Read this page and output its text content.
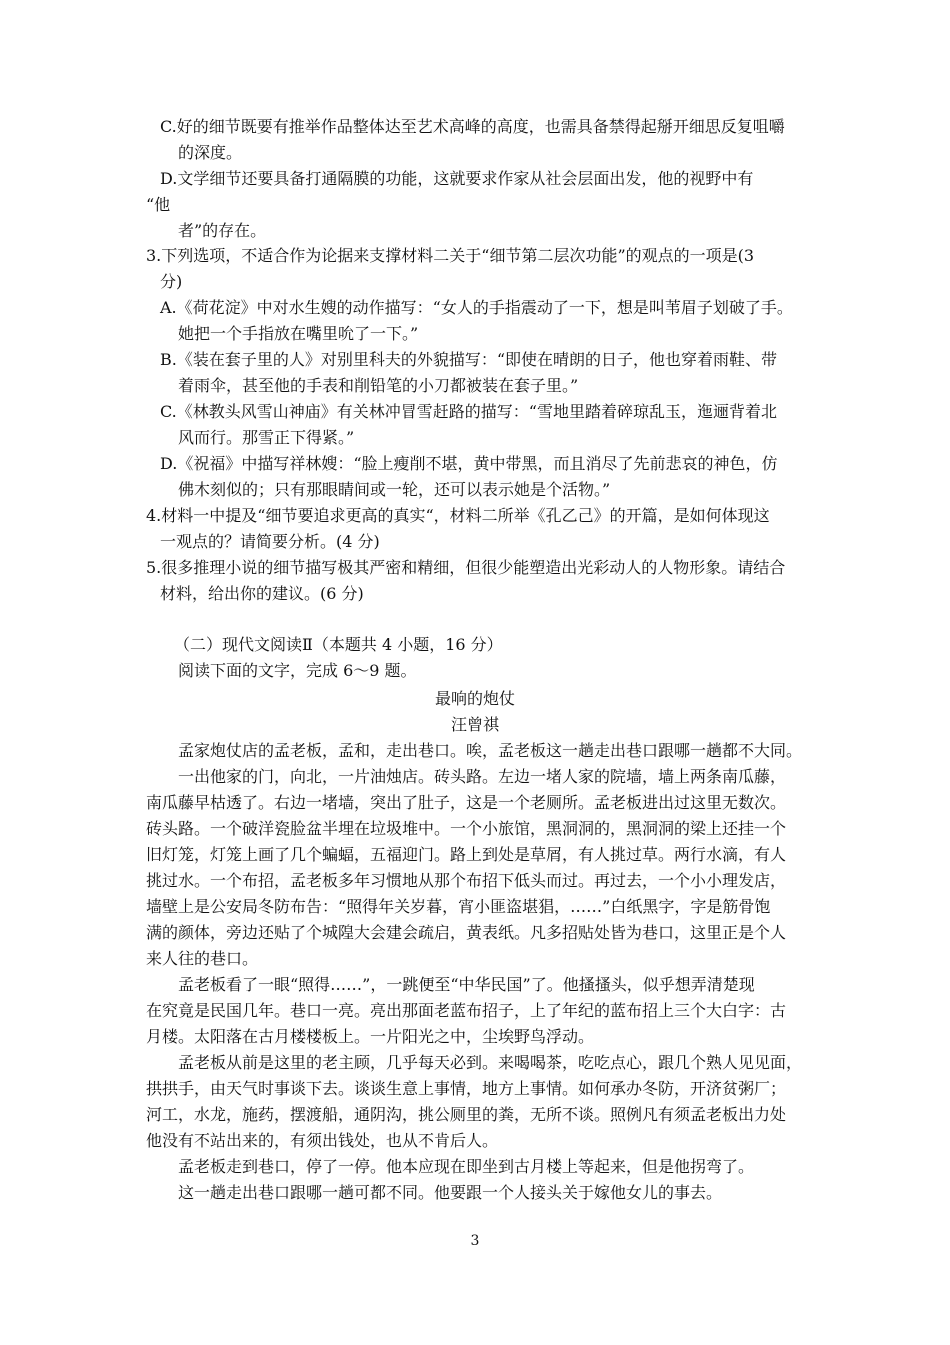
C.好的细节既要有推举作品整体达至艺术高峰的高度，也需具备禁得起掰开细思反复咀嚼
的深度。
D.文学细节还要具备打通隔膜的功能，这就要求作家从社会层面出发，他的视野中有
“他
者”的存在。
3.下列选项，不适合作为论据来支撑材料二关于“细节第二层次功能”的观点的一项是(3
分)
A.《荷花淀》中对水生嫂的动作描写：“女人的手指震动了一下，想是叫苇眉子划破了手。
她把一个手指放在嘴里吮了一下。”
B.《装在套子里的人》对别里科夫的外貌描写：“即使在晴朗的日子，他也穿着雨鞋、带
着雨伞，甚至他的手表和削铅笔的小刀都被装在套子里。”
C.《林教头风雪山神庙》有关林冲冒雪赶路的描写：“雪地里踏着碎琼乱玉，迤逦背着北
风而行。那雪正下得紧。”
D.《祝福》中描写祥林嫂：“脸上瘦削不堪，黄中带黑，而且消尽了先前悲哀的神色，仿
佛木刻似的；只有那眼睛间或一轮，还可以表示她是个活物。”
4.材料一中提及“细节要追求更高的真实“，材料二所举《孔乙己》的开篇，是如何体现这
一观点的？请简要分析。(4 分)
5.很多推理小说的细节描写极其严密和精细，但很少能塑造出光彩动人的人物形象。请结合
材料，给出你的建议。(6 分)
（二）现代文阅读Ⅱ（本题共 4 小题，16 分）
阅读下面的文字，完成 6～9 题。
最响的炮仗
汪曾祺
孟家炮仗店的孟老板，孟和，走出巷口。唉，孟老板这一趟走出巷口跟哪一趟都不大同。
一出他家的门，向北，一片油烛店。砖头路。左边一堵人家的院墙，墙上两条南瓜藤，
南瓜藤早枯透了。右边一堵墙，突出了肚子，这是一个老厕所。孟老板进出过这里无数次。
砖头路。一个破洋瓷脸盆半埋在垃圾堆中。一个小旅馆，黑洞洞的，黑洞洞的梁上还挂一个
旧灯笼，灯笼上画了几个蝙蝠，五福迎门。路上到处是草屑，有人挑过草。两行水滴，有人
挑过水。一个布招，孟老板多年习惯地从那个布招下低头而过。再过去，一个小小理发店，
墙壁上是公安局冬防布告：“照得年关岁暮，宵小匪盗堪猖，……”白纸黑字，字是筋骨饱
满的颜体，旁边还贴了个城隍大会建会疏启，黄表纸。凡多招贴处皆为巷口，这里正是个人
来人往的巷口。
孟老板看了一眼“照得……”，一跳便至“中华民国”了。他搔搔头，似乎想弄清楚现
在究竟是民国几年。巷口一亮。亮出那面老蓝布招子，上了年纪的蓝布招上三个大白字：古
月楼。太阳落在古月楼楼板上。一片阳光之中，尘埃野鸟浮动。
孟老板从前是这里的老主顾，几乎每天必到。来喝喝茶，吃吃点心，跟几个熟人见见面，
拱拱手，由天气时事谈下去。谈谈生意上事情，地方上事情。如何承办冬防，开济贫粥厂；
河工，水龙，施药，摆渡船，通阴沟，挑公厕里的粪，无所不谈。照例凡有须孟老板出力处
他没有不站出来的，有须出钱处，也从不肯后人。
孟老板走到巷口，停了一停。他本应现在即坐到古月楼上等起来，但是他拐弯了。
这一趟走出巷口跟哪一趟可都不同。他要跟一个人接头关于嫁他女儿的事去。
3
